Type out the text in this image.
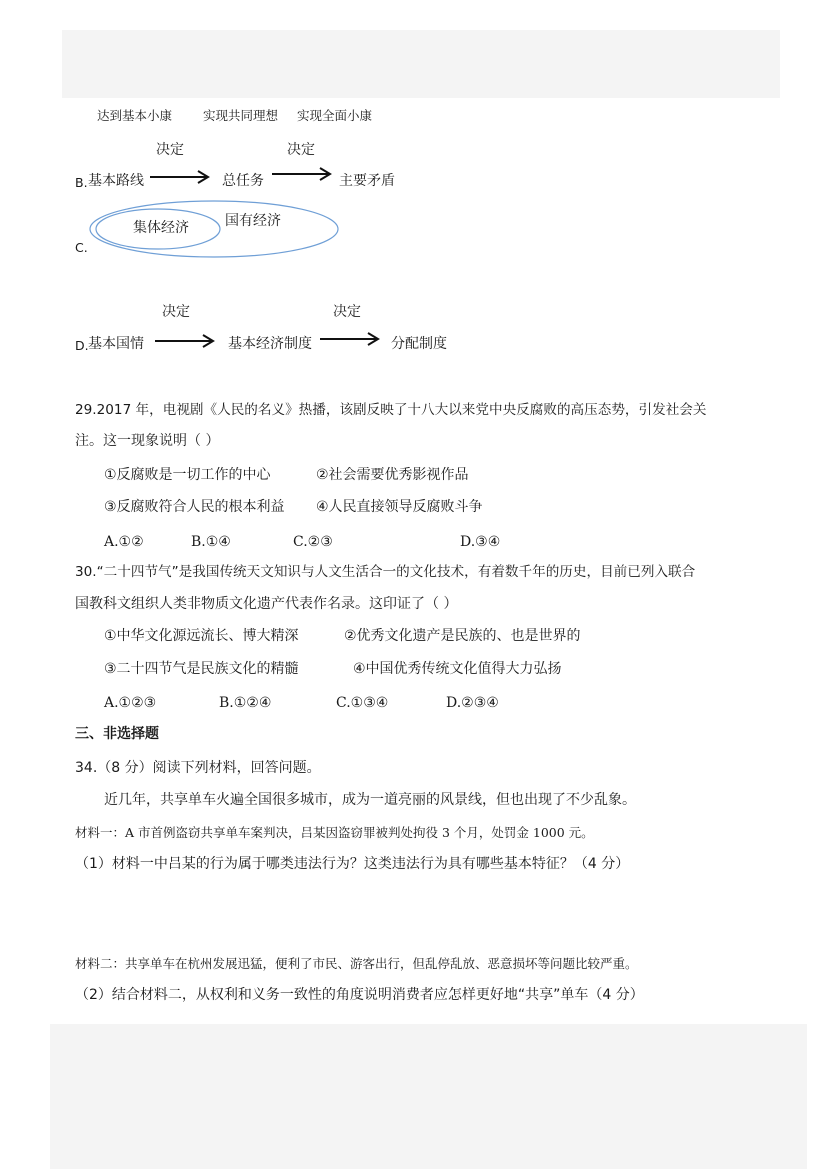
达到基本小康 实现共同理想 实现全面小康
决定	决定
B. 基本路线	总任务	主要矛盾
C.
集体经济	国有经济
决定	决定
D. 基本国情	基本经济制度	分配制度
29.2017 年，电视剧《人民的名义》热播，该剧反映了十八大以来党中央反腐败的高压态势，引发社会关
注。这一现象说明（ ）
①反腐败是一切工作的中心	②社会需要优秀影视作品
③反腐败符合人民的根本利益 ④人民直接领导反腐败斗争
A.①②	B.①④	C.②③	D.③④
30.“二十四节气”是我国传统天文知识与人文生活合一的文化技术，有着数千年的历史，目前已列入联合
国教科文组织人类非物质文化遗产代表作名录。这印证了（ ）
①中华文化源远流长、博大精深	②优秀文化遗产是民族的、也是世界的
③二十四节气是民族文化的精髓	④中国优秀传统文化值得大力弘扬
A.①②③	B.①②④	C.①③④	D.②③④
三、非选择题
34.（8 分）阅读下列材料，回答问题。
近几年，共享单车火遍全国很多城市，成为一道亮丽的风景线，但也出现了不少乱象。
材料一：A 市首例盗窃共享单车案判决，吕某因盗窃罪被判处拘役 3 个月，处罚金 1000 元。
（1）材料一中吕某的行为属于哪类违法行为？这类违法行为具有哪些基本特征？（4 分）
材料二：共享单车在杭州发展迅猛，便利了市民、游客出行，但乱停乱放、恶意损坏等问题比较严重。
（2）结合材料二，从权利和义务一致性的角度说明消费者应怎样更好地“共享”单车（4 分）
